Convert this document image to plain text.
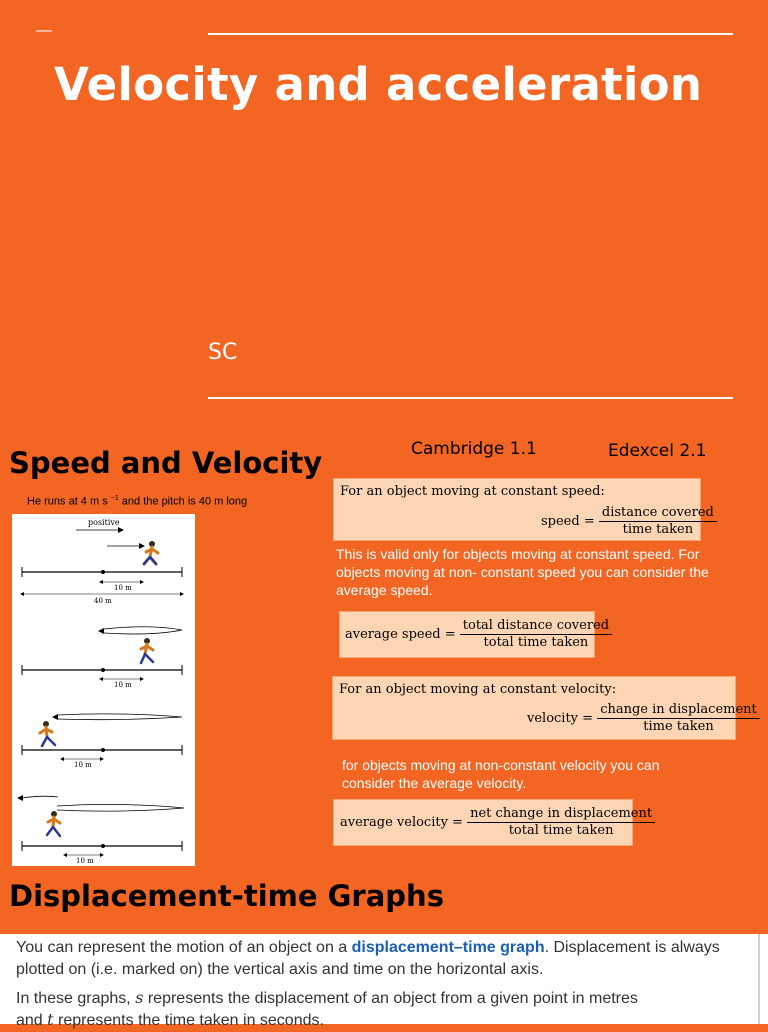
—
Velocity and acceleration
SC
Speed and Velocity	Cambridge 1.1	Edexcel 2.1
He runs at 4 m s $^{-1}$ and the pitch is 40 m long
positive
10 m
40 m
10 m
10 m
10 m
For an object moving at constant speed:
speed = $\frac{\text{distance covered}}{\text{time taken}}$
This is valid only for objects moving at constant speed. For objects moving at non- constant speed you can consider the average speed.
average speed = $\frac{\text{total distance covered}}{\text{total time taken}}$
For an object moving at constant velocity:
velocity = $\frac{\text{change in displacement}}{\text{time taken}}$
for objects moving at non-constant velocity you can consider the average velocity.
average velocity = $\frac{\text{net change in displacement}}{\text{total time taken}}$
Displacement-time Graphs

You can represent the motion of an object on a displacement–time graph. Displacement is always

plotted on (i.e. marked on) the vertical axis and time on the horizontal axis.

In these graphs, s represents the displacement of an object from a given point in metres

and t represents the time taken in seconds.
